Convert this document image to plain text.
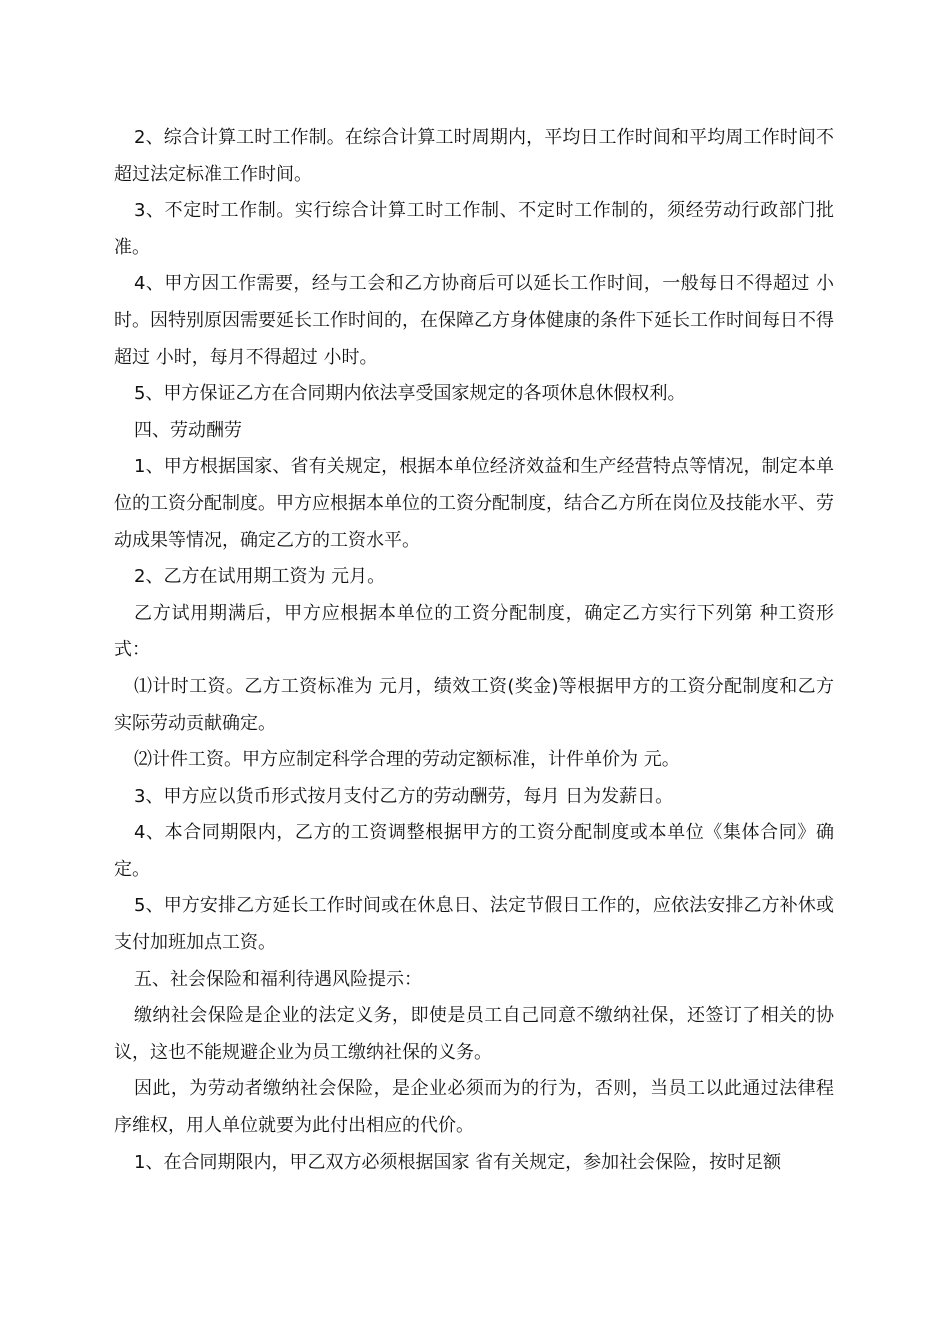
2、综合计算工时工作制。在综合计算工时周期内，平均日工作时间和平均周工作时间不超过法定标准工作时间。

3、不定时工作制。实行综合计算工时工作制、不定时工作制的，须经劳动行政部门批准。

4、甲方因工作需要，经与工会和乙方协商后可以延长工作时间，一般每日不得超过 小时。因特别原因需要延长工作时间的，在保障乙方身体健康的条件下延长工作时间每日不得超过 小时，每月不得超过 小时。

5、甲方保证乙方在合同期内依法享受国家规定的各项休息休假权利。

四、劳动酬劳

1、甲方根据国家、省有关规定，根据本单位经济效益和生产经营特点等情况，制定本单位的工资分配制度。甲方应根据本单位的工资分配制度，结合乙方所在岗位及技能水平、劳动成果等情况，确定乙方的工资水平。

2、乙方在试用期工资为 元月。

乙方试用期满后，甲方应根据本单位的工资分配制度，确定乙方实行下列第 种工资形式：

⑴计时工资。乙方工资标准为 元月，绩效工资(奖金)等根据甲方的工资分配制度和乙方实际劳动贡献确定。

⑵计件工资。甲方应制定科学合理的劳动定额标准，计件单价为 元。

3、甲方应以货币形式按月支付乙方的劳动酬劳，每月 日为发薪日。

4、本合同期限内，乙方的工资调整根据甲方的工资分配制度或本单位《集体合同》确定。

5、甲方安排乙方延长工作时间或在休息日、法定节假日工作的，应依法安排乙方补休或支付加班加点工资。

五、社会保险和福利待遇风险提示：

缴纳社会保险是企业的法定义务，即使是员工自己同意不缴纳社保，还签订了相关的协议，这也不能规避企业为员工缴纳社保的义务。

因此，为劳动者缴纳社会保险，是企业必须而为的行为，否则，当员工以此通过法律程序维权，用人单位就要为此付出相应的代价。

1、在合同期限内，甲乙双方必须根据国家 省有关规定，参加社会保险，按时足额
